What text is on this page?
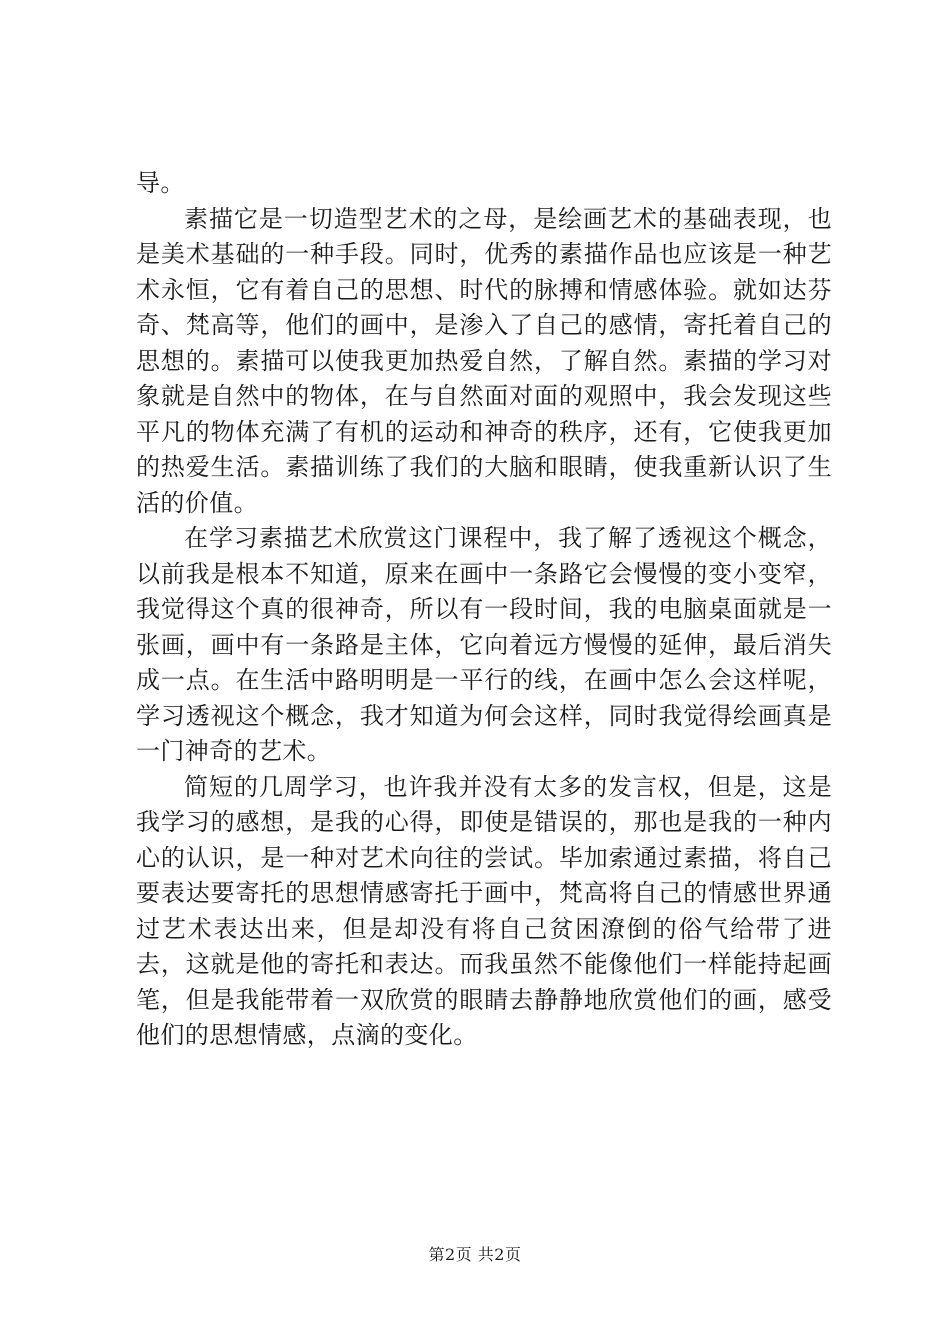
导。

素描它是一切造型艺术的之母，是绘画艺术的基础表现，也是美术基础的一种手段。同时，优秀的素描作品也应该是一种艺术永恒，它有着自己的思想、时代的脉搏和情感体验。就如达芬奇、梵高等，他们的画中，是渗入了自己的感情，寄托着自己的思想的。素描可以使我更加热爱自然，了解自然。素描的学习对象就是自然中的物体，在与自然面对面的观照中，我会发现这些平凡的物体充满了有机的运动和神奇的秩序，还有，它使我更加的热爱生活。素描训练了我们的大脑和眼睛，使我重新认识了生活的价值。

在学习素描艺术欣赏这门课程中，我了解了透视这个概念，以前我是根本不知道，原来在画中一条路它会慢慢的变小变窄，我觉得这个真的很神奇，所以有一段时间，我的电脑桌面就是一张画，画中有一条路是主体，它向着远方慢慢的延伸，最后消失成一点。在生活中路明明是一平行的线，在画中怎么会这样呢，学习透视这个概念，我才知道为何会这样，同时我觉得绘画真是一门神奇的艺术。

简短的几周学习，也许我并没有太多的发言权，但是，这是我学习的感想，是我的心得，即使是错误的，那也是我的一种内心的认识，是一种对艺术向往的尝试。毕加索通过素描，将自己要表达要寄托的思想情感寄托于画中，梵高将自己的情感世界通过艺术表达出来，但是却没有将自己贫困潦倒的俗气给带了进去，这就是他的寄托和表达。而我虽然不能像他们一样能持起画笔，但是我能带着一双欣赏的眼睛去静静地欣赏他们的画，感受他们的思想情感，点滴的变化。

第2页 共2页
